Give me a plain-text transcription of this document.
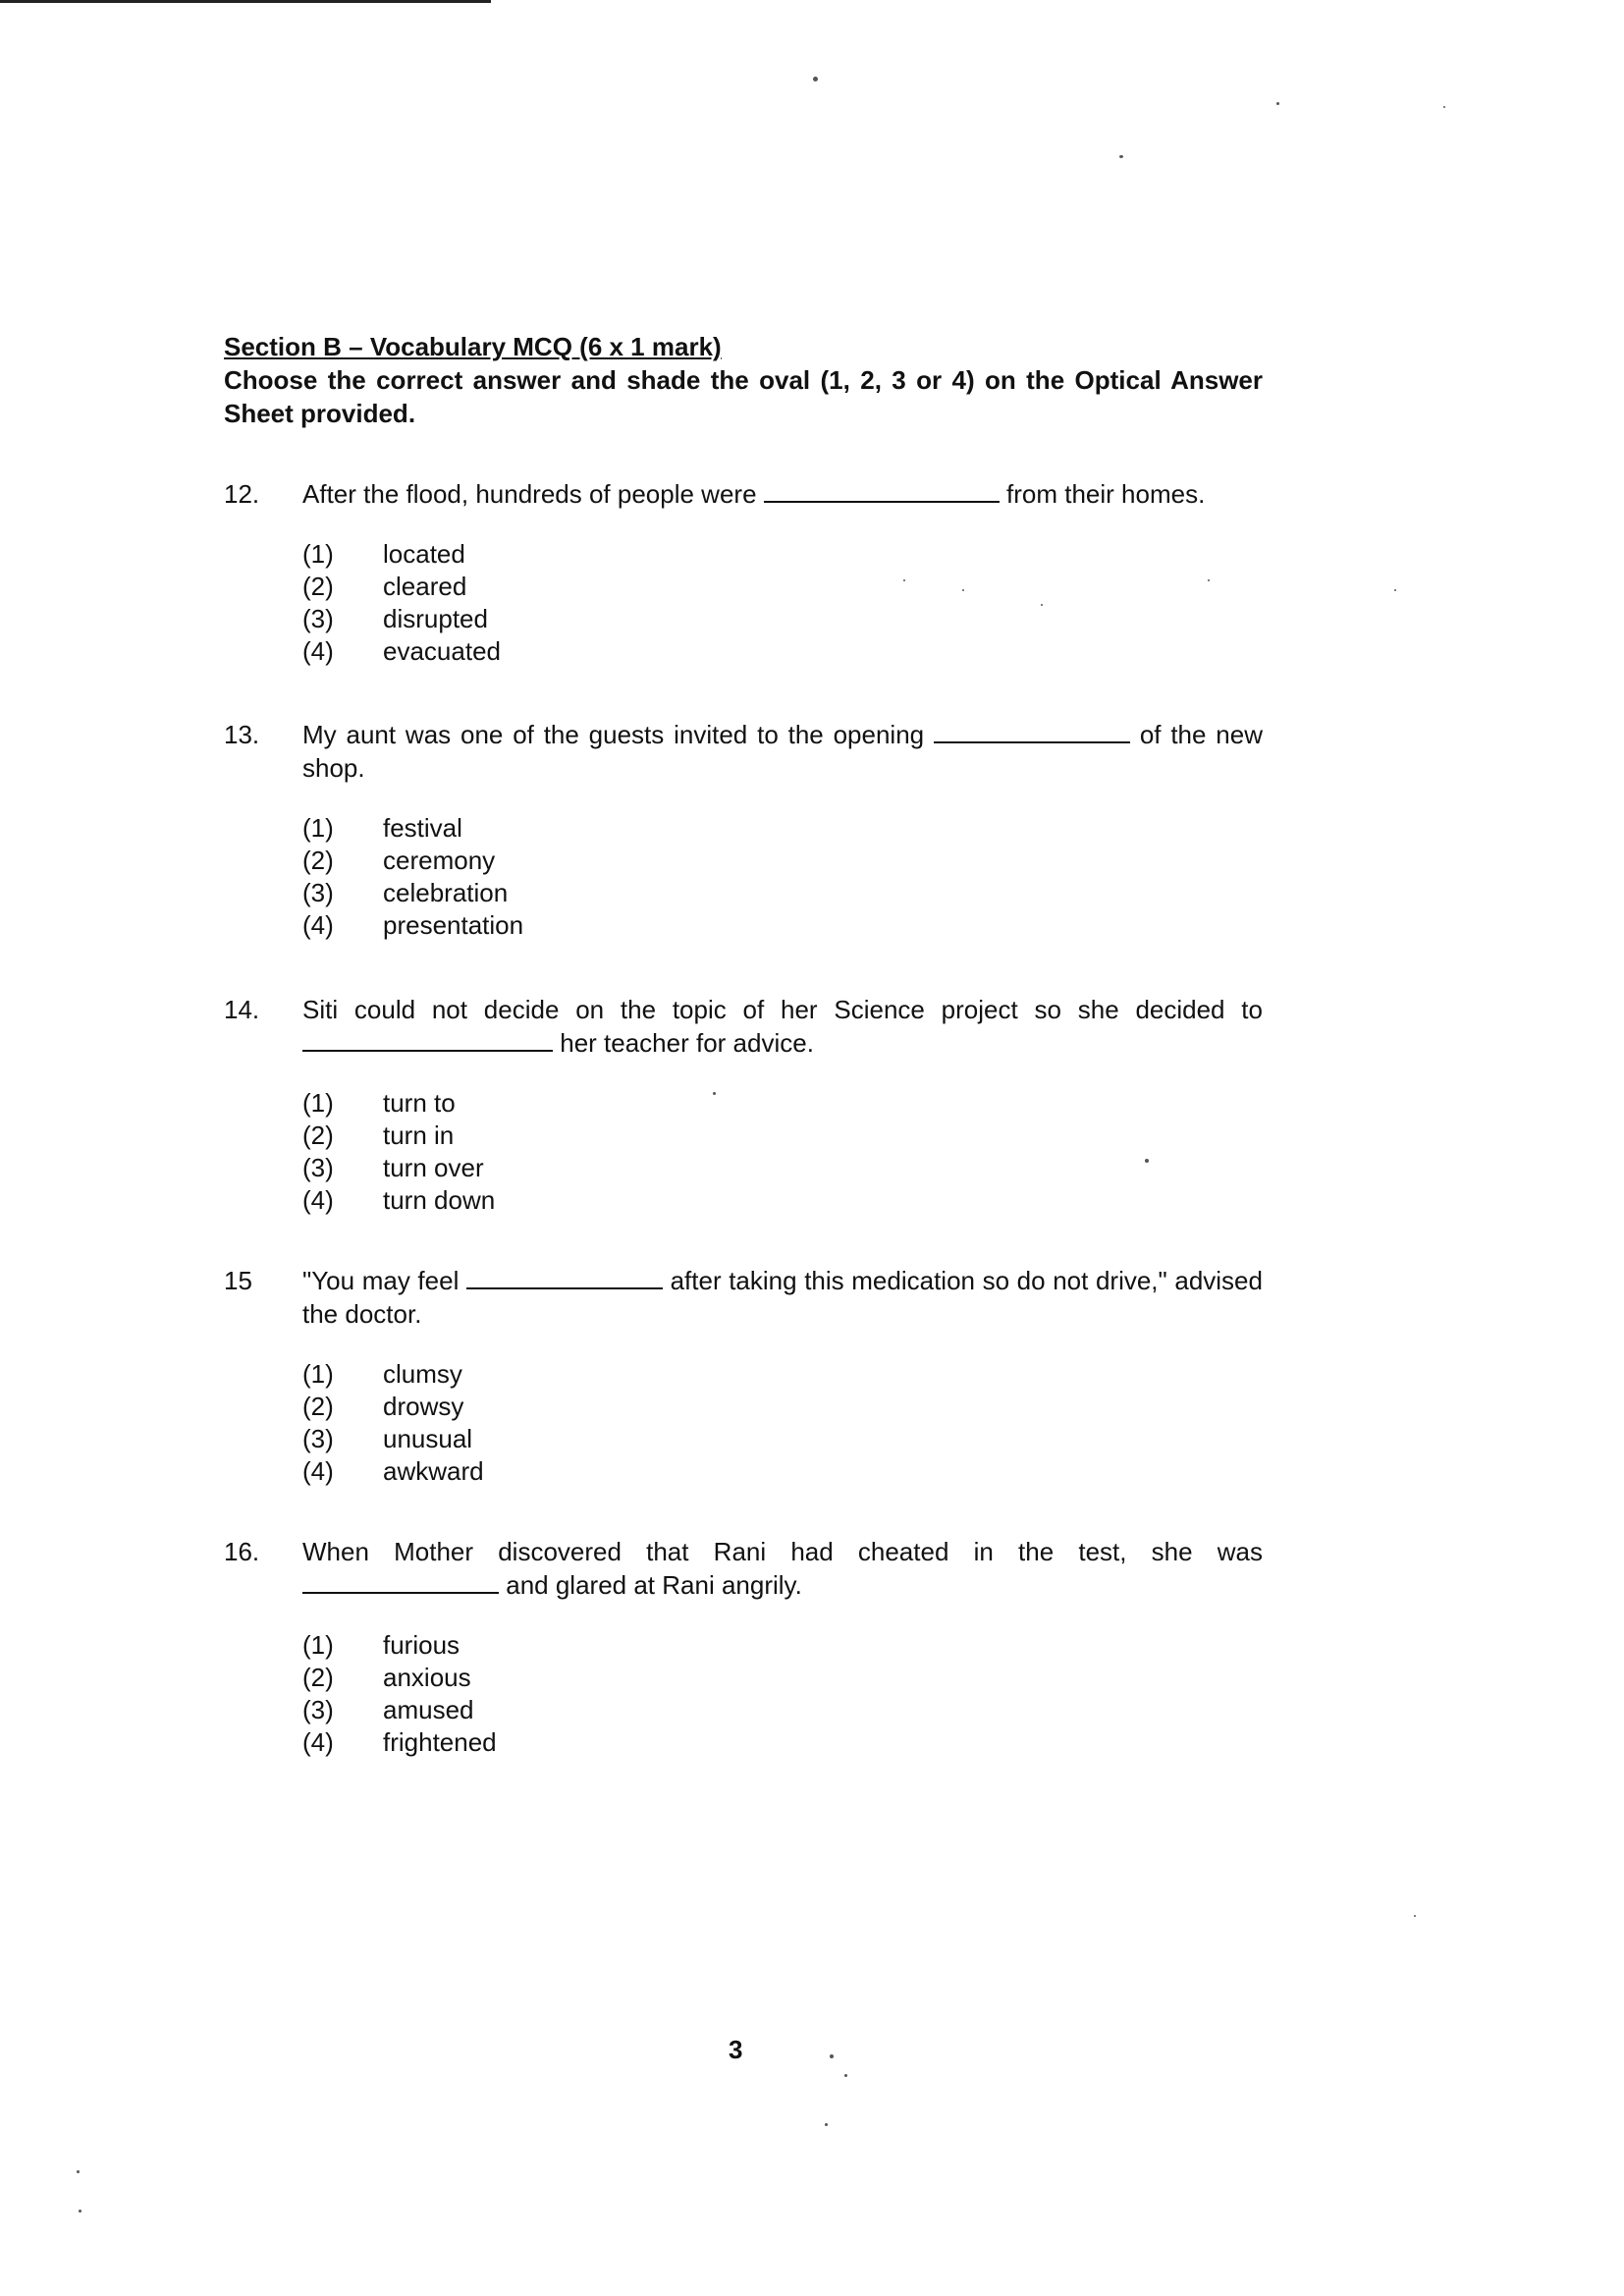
Section B – Vocabulary MCQ (6 x 1 mark)
Choose the correct answer and shade the oval (1, 2, 3 or 4) on the Optical Answer Sheet provided.
12. After the flood, hundreds of people were	from their homes.
(1)	located
(2)	cleared
(3)	disrupted
(4)	evacuated
13. My aunt was one of the guests invited to the opening	of the new shop.
(1)	festival
(2)	ceremony
(3)	celebration
(4)	presentation
14. Siti could not decide on the topic of her Science project so she decided to  her teacher for advice.
(1)	turn to
(2)	turn in
(3)	turn over
(4)	turn down
15 "You may feel	after taking this medication so do not drive," advised the doctor.
(1)	clumsy
(2)	drowsy
(3)	unusual
(4)	awkward
16. When Mother discovered that Rani had cheated in the test, she was  and glared at Rani angrily.
(1)	furious
(2)	anxious
(3)	amused
(4)	frightened
3
